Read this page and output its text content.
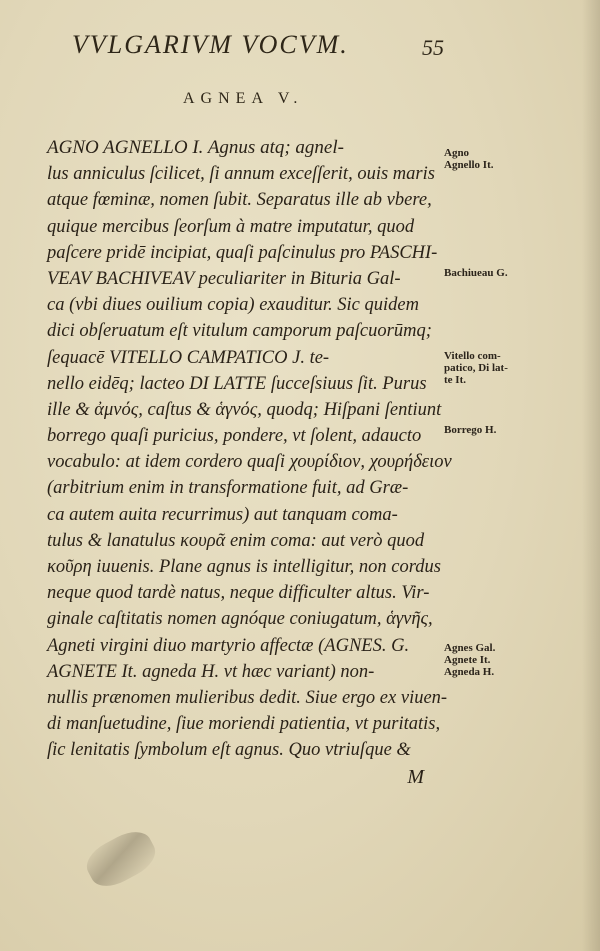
VVLGARIVM VOCVM.	55
AGNEA V.
AGNO AGNELLO I. Agnus atq; agnel-
lus anniculus ſcilicet, ſi annum exceſſerit, ouis maris
atque fœminæ, nomen ſubit. Separatus ille ab vbere,
quique mercibus ſeorſum à matre imputatur, quod
paſcere pridē incipiat, quaſi paſcinulus pro PASCHI-
VEAV BACHIVEAV peculiariter in Bituria Gal-
ca (vbi diues ouilium copia) exauditur. Sic quidem
dici obſeruatum eſt vitulum camporum paſcuorūmq;
ſequacē VITELLO CAMPATICO J. te-
nello eidēq; lacteo DI LATTE ſucceſsiuus ſit. Purus
ille & ἀμνός, caſtus & ἁγνός, quodq; Hiſpani ſentiunt
borrego quaſi puricius, pondere, vt ſolent, adaucto
vocabulo: at idem cordero quaſi χουρίδιον, χουρήδειον
(arbitrium enim in transformatione fuit, ad Græ-
ca autem auita recurrimus) aut tanquam coma-
tulus & lanatulus κουρᾶ enim coma: aut verò quod
κοῦρη iuuenis. Plane agnus is intelligitur, non cordus
neque quod tardè natus, neque difficulter altus. Vir-
ginale caſtitatis nomen agnóque coniugatum, ἁγνῆς,
Agneti virgini diuo martyrio affectæ (AGNES. G.
AGNETE It. agneda H. vt hæc variant) non-
nullis prænomen mulieribus dedit. Siue ergo ex viuen-
di manſuetudine, ſiue moriendi patientia, vt puritatis,
ſic lenitatis ſymbolum eſt agnus. Quo vtriuſque &
M
Agno
Agnello It.
Bachiueau G.
Vitello com-
patico, Di lat-
te It.
Borrego H.
Agnes Gal.
Agnete It.
Agneda H.
